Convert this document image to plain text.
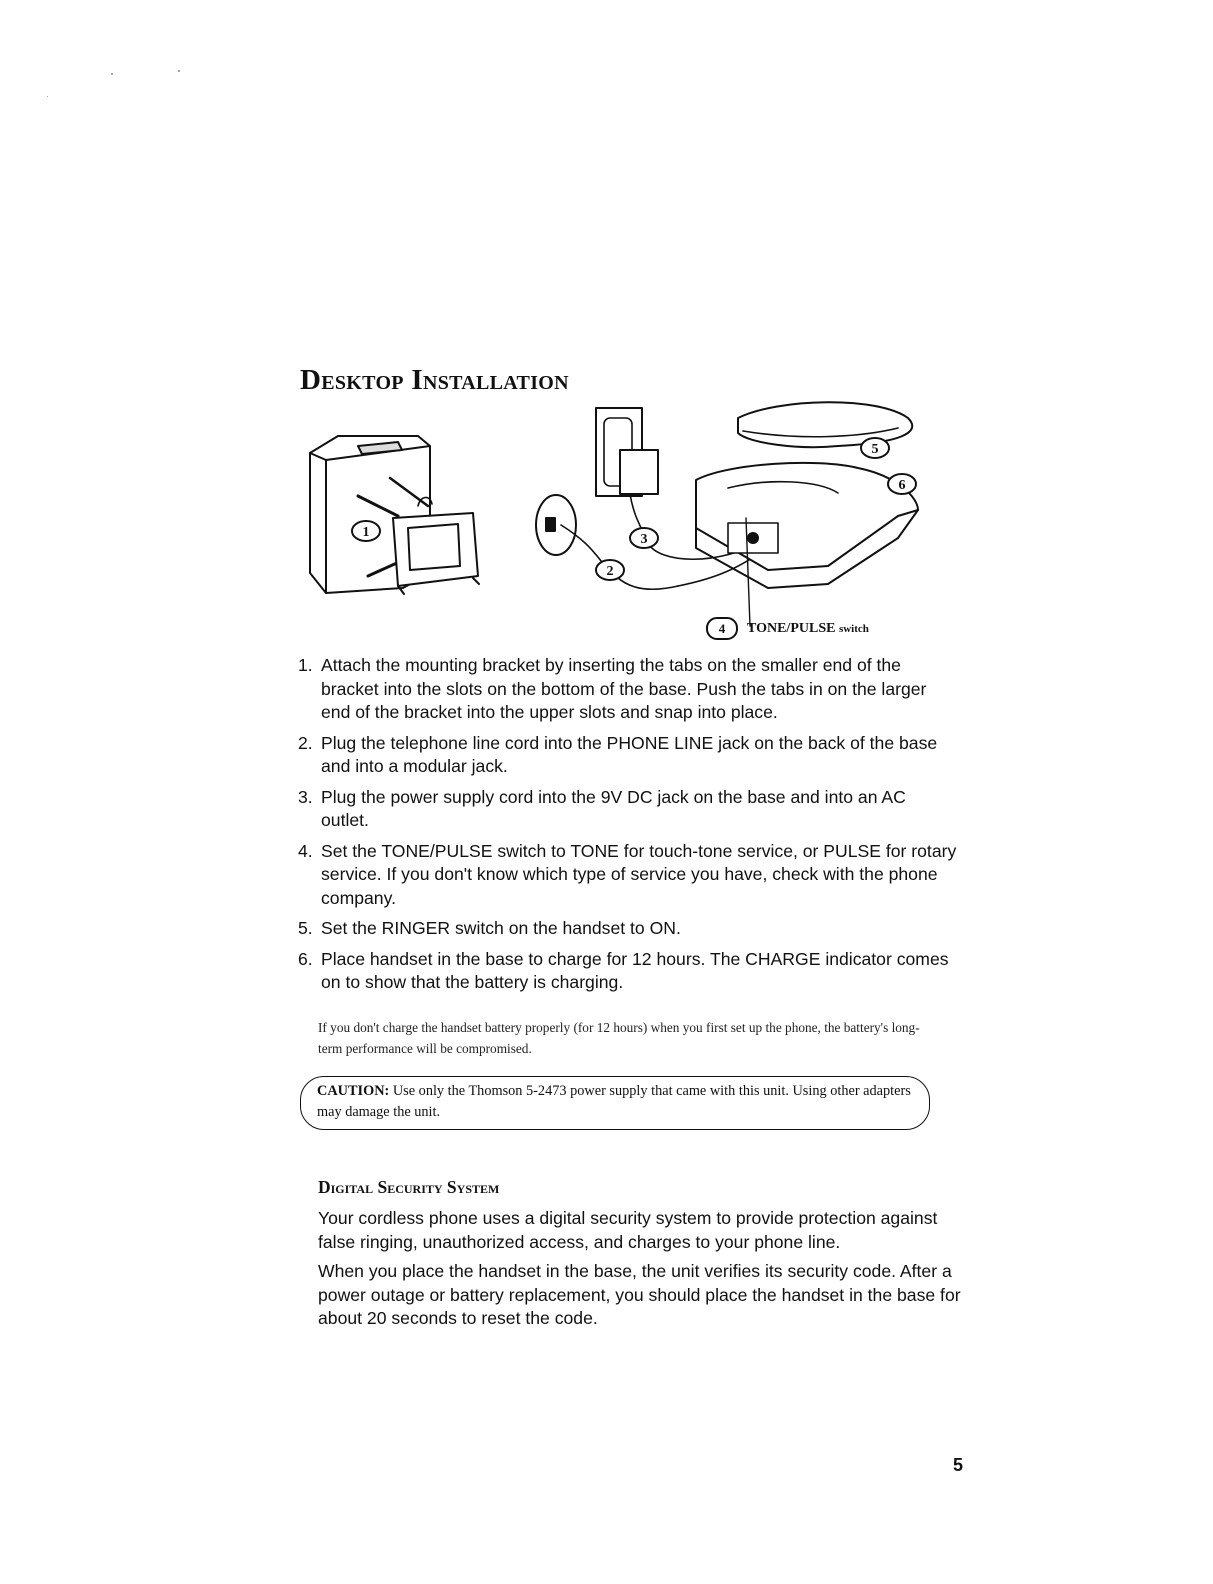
Desktop Installation
1
2
3
5
6
4	TONE/PULSE
switch
1. Attach the mounting bracket by inserting the tabs on the smaller end of the bracket into the slots on the bottom of the base. Push the tabs in on the larger end of the bracket into the upper slots and snap into place.
2. Plug the telephone line cord into the PHONE LINE jack on the back of the base and into a modular jack.
3. Plug the power supply cord into the 9V DC jack on the base and into an AC outlet.
4. Set the TONE/PULSE switch to TONE for touch-tone service, or PULSE for rotary service. If you don't know which type of service you have, check with the phone company.
5. Set the RINGER switch on the handset to ON.
6. Place handset in the base to charge for 12 hours. The CHARGE indicator comes on to show that the battery is charging.

If you don't charge the handset battery properly (for 12 hours) when you first set up the phone, the battery's long-term performance will be compromised.

CAUTION: Use only the Thomson 5-2473 power supply that came with this unit. Using other adapters may damage the unit.
Digital Security System

Your cordless phone uses a digital security system to provide protection against false ringing, unauthorized access, and charges to your phone line.

When you place the handset in the base, the unit verifies its security code. After a power outage or battery replacement, you should place the handset in the base for about 20 seconds to reset the code.

5
